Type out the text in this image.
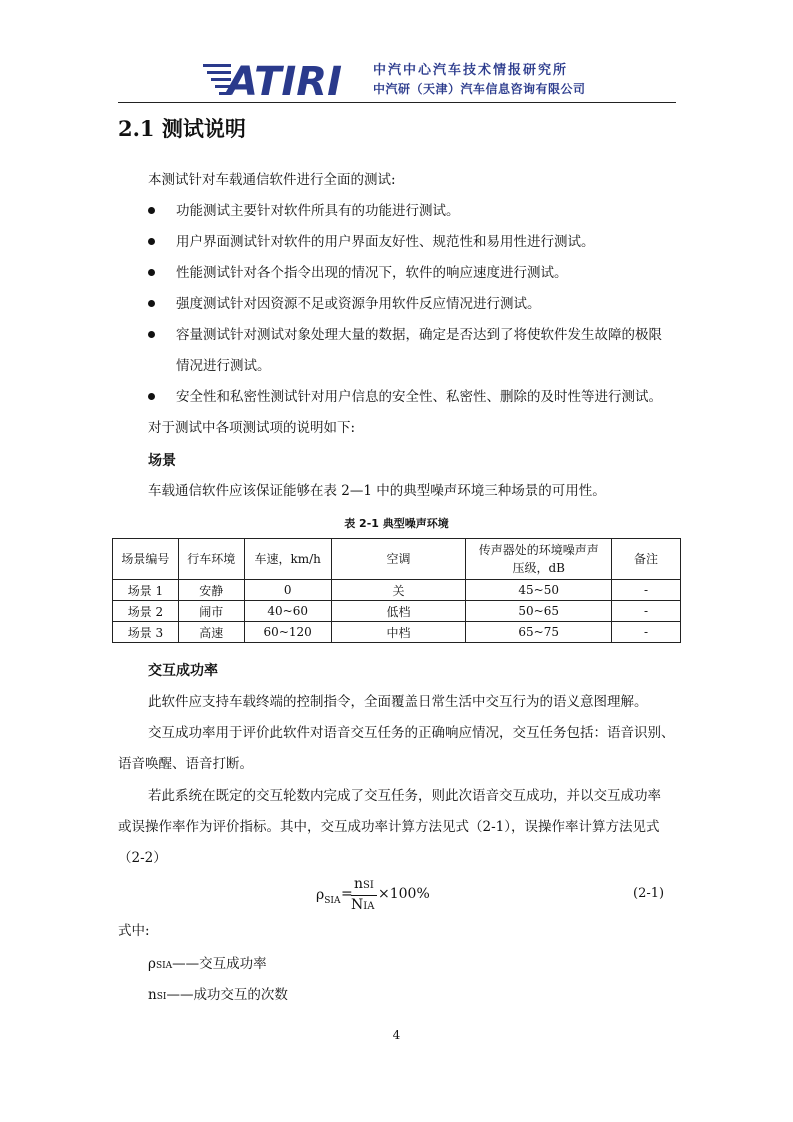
ATIRI 中汽中心汽车技术情报研究所
中汽研（天津）汽车信息咨询有限公司
2.1 测试说明
本测试针对车载通信软件进行全面的测试:
功能测试主要针对软件所具有的功能进行测试。
用户界面测试针对软件的用户界面友好性、规范性和易用性进行测试。
性能测试针对各个指令出现的情况下，软件的响应速度进行测试。
强度测试针对因资源不足或资源争用软件反应情况进行测试。
容量测试针对测试对象处理大量的数据，确定是否达到了将使软件发生故障的极限
情况进行测试。
安全性和私密性测试针对用户信息的安全性、私密性、删除的及时性等进行测试。
对于测试中各项测试项的说明如下:
场景
车载通信软件应该保证能够在表 2—1 中的典型噪声环境三种场景的可用性。
表 2-1 典型噪声环境
场景编号	行车环境	车速，km/h	空调	传声器处的环境噪声声压级，dB	备注
场景 1	安静	0	关	45~50	-
场景 2	闹市	40~60	低档	50~65	-
场景 3	高速	60~120	中档	65~75	-
交互成功率
此软件应支持车载终端的控制指令，全面覆盖日常生活中交互行为的语义意图理解。
交互成功率用于评价此软件对语音交互任务的正确响应情况，交互任务包括：语音识别、
语音唤醒、语音打断。
若此系统在既定的交互轮数内完成了交互任务，则此次语音交互成功，并以交互成功率
或误操作率作为评价指标。其中，交互成功率计算方法见式（2-1），误操作率计算方法见式
（2-2）
$\rho_{SIA}$ =
nSI
NIA
×100%	(2-1)
式中:
ρSIA——交互成功率
nSI——成功交互的次数
4
